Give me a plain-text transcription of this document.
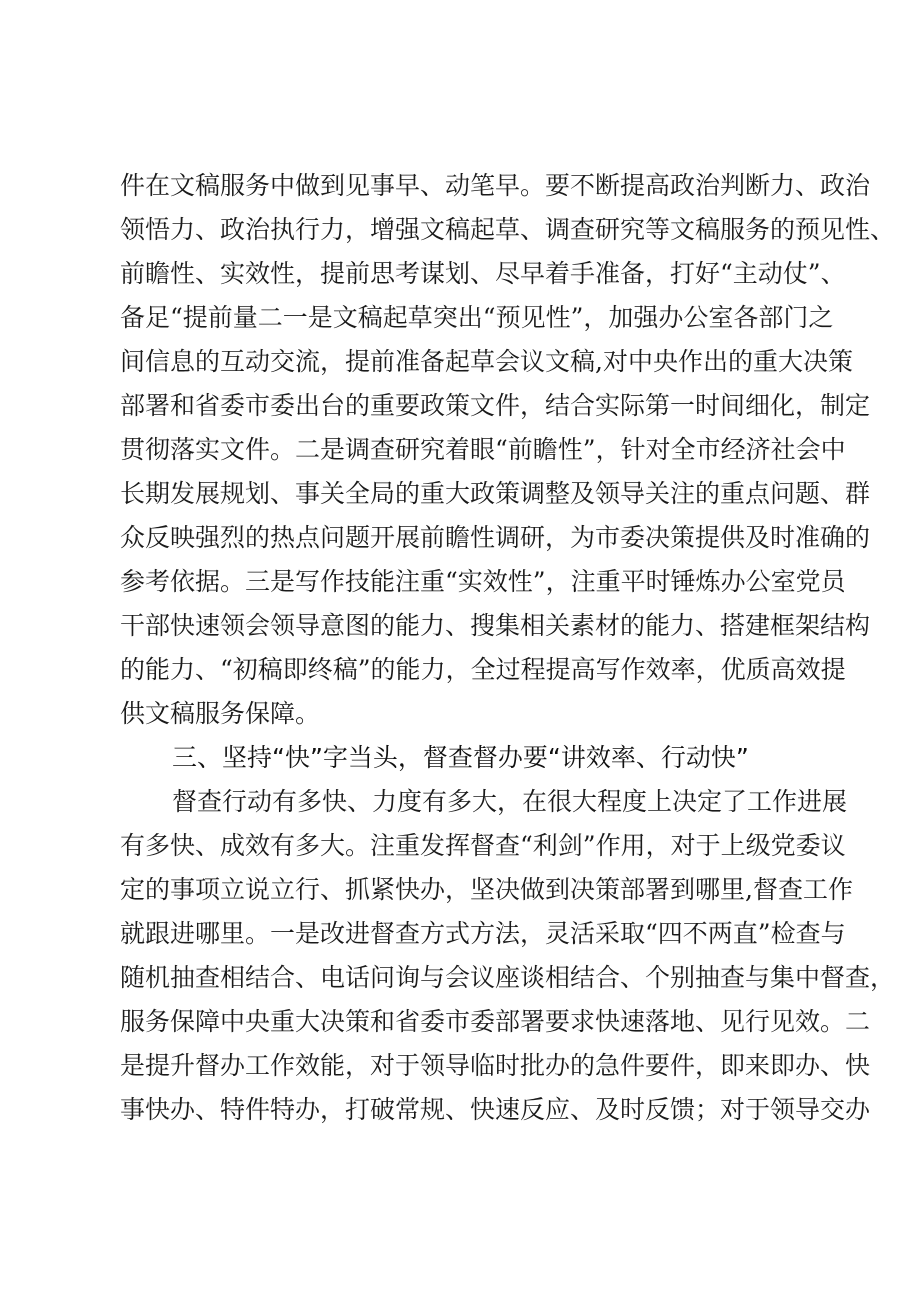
件在文稿服务中做到见事早、动笔早。要不断提高政治判断力、政治
领悟力、政治执行力，增强文稿起草、调查研究等文稿服务的预见性、
前瞻性、实效性，提前思考谋划、尽早着手准备，打好“主动仗”、
备足“提前量二一是文稿起草突出“预见性”，加强办公室各部门之
间信息的互动交流，提前准备起草会议文稿,对中央作出的重大决策
部署和省委市委出台的重要政策文件，结合实际第一时间细化，制定
贯彻落实文件。二是调查研究着眼“前瞻性”，针对全市经济社会中
长期发展规划、事关全局的重大政策调整及领导关注的重点问题、群
众反映强烈的热点问题开展前瞻性调研，为市委决策提供及时准确的
参考依据。三是写作技能注重“实效性”，注重平时锤炼办公室党员
干部快速领会领导意图的能力、搜集相关素材的能力、搭建框架结构
的能力、“初稿即终稿”的能力，全过程提高写作效率，优质高效提
供文稿服务保障。
三、坚持“快”字当头，督查督办要“讲效率、行动快”
督查行动有多快、力度有多大，在很大程度上决定了工作进展
有多快、成效有多大。注重发挥督查“利剑”作用，对于上级党委议
定的事项立说立行、抓紧快办，坚决做到决策部署到哪里,督查工作
就跟进哪里。一是改进督查方式方法，灵活采取“四不两直”检查与
随机抽查相结合、电话问询与会议座谈相结合、个别抽查与集中督查，
服务保障中央重大决策和省委市委部署要求快速落地、见行见效。二
是提升督办工作效能，对于领导临时批办的急件要件，即来即办、快
事快办、特件特办，打破常规、快速反应、及时反馈；对于领导交办
